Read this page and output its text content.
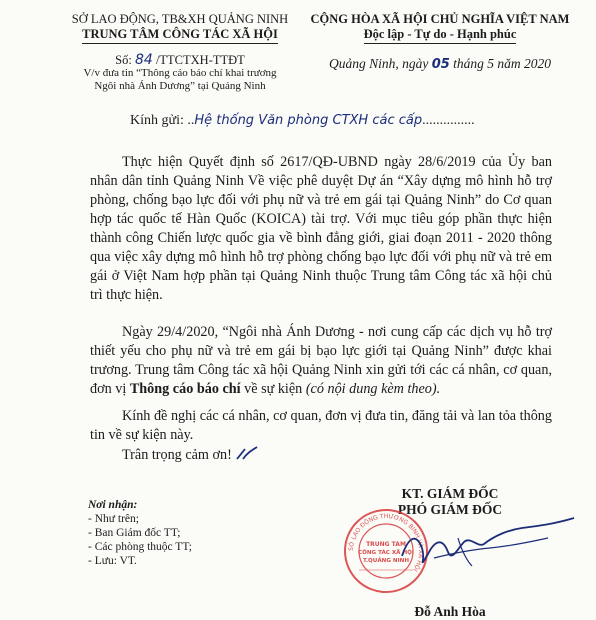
SỞ LAO ĐỘNG, TB&XH QUẢNG NINH
TRUNG TÂM CÔNG TÁC XÃ HỘI
CỘNG HÒA XÃ HỘI CHỦ NGHĨA VIỆT NAM
Độc lập - Tự do - Hạnh phúc
Số: 84 /TTCTXH-TTĐT
V/v đưa tin “Thông cáo báo chí khai trương
Ngôi nhà Ánh Dương” tại Quảng Ninh
Quảng Ninh, ngày 05 tháng 5 năm 2020
Kính gửi: ..Hệ thống Văn phòng CTXH các cấp...............
Thực hiện Quyết định số 2617/QĐ-UBND ngày 28/6/2019 của Ủy ban nhân dân tỉnh Quảng Ninh Về việc phê duyệt Dự án “Xây dựng mô hình hỗ trợ phòng, chống bạo lực đối với phụ nữ và trẻ em gái tại Quảng Ninh” do Cơ quan hợp tác quốc tế Hàn Quốc (KOICA) tài trợ. Với mục tiêu góp phần thực hiện thành công Chiến lược quốc gia về bình đẳng giới, giai đoạn 2011 - 2020 thông qua việc xây dựng mô hình hỗ trợ phòng chống bạo lực đối với phụ nữ và trẻ em gái ở Việt Nam hợp phần tại Quảng Ninh thuộc Trung tâm Công tác xã hội chủ trì thực hiện.
Ngày 29/4/2020, “Ngôi nhà Ánh Dương - nơi cung cấp các dịch vụ hỗ trợ thiết yếu cho phụ nữ và trẻ em gái bị bạo lực giới tại Quảng Ninh” được khai trương. Trung tâm Công tác xã hội Quảng Ninh xin gửi tới các cá nhân, cơ quan, đơn vị Thông cáo báo chí về sự kiện (có nội dung kèm theo).
Kính đề nghị các cá nhân, cơ quan, đơn vị đưa tin, đăng tải và lan tỏa thông tin về sự kiện này.
Trân trọng cảm ơn!
Nơi nhận:
- Như trên;
- Ban Giám đốc TT;
- Các phòng thuộc TT;
- Lưu: VT.
KT. GIÁM ĐỐC
PHÓ GIÁM ĐỐC
Đỗ Anh Hòa
SỞ LAO ĐỘNG THƯƠNG BINH VÀ XÃ HỘI
TRUNG TÂM
CÔNG TÁC XÃ HỘI
T.QUẢNG NINH
